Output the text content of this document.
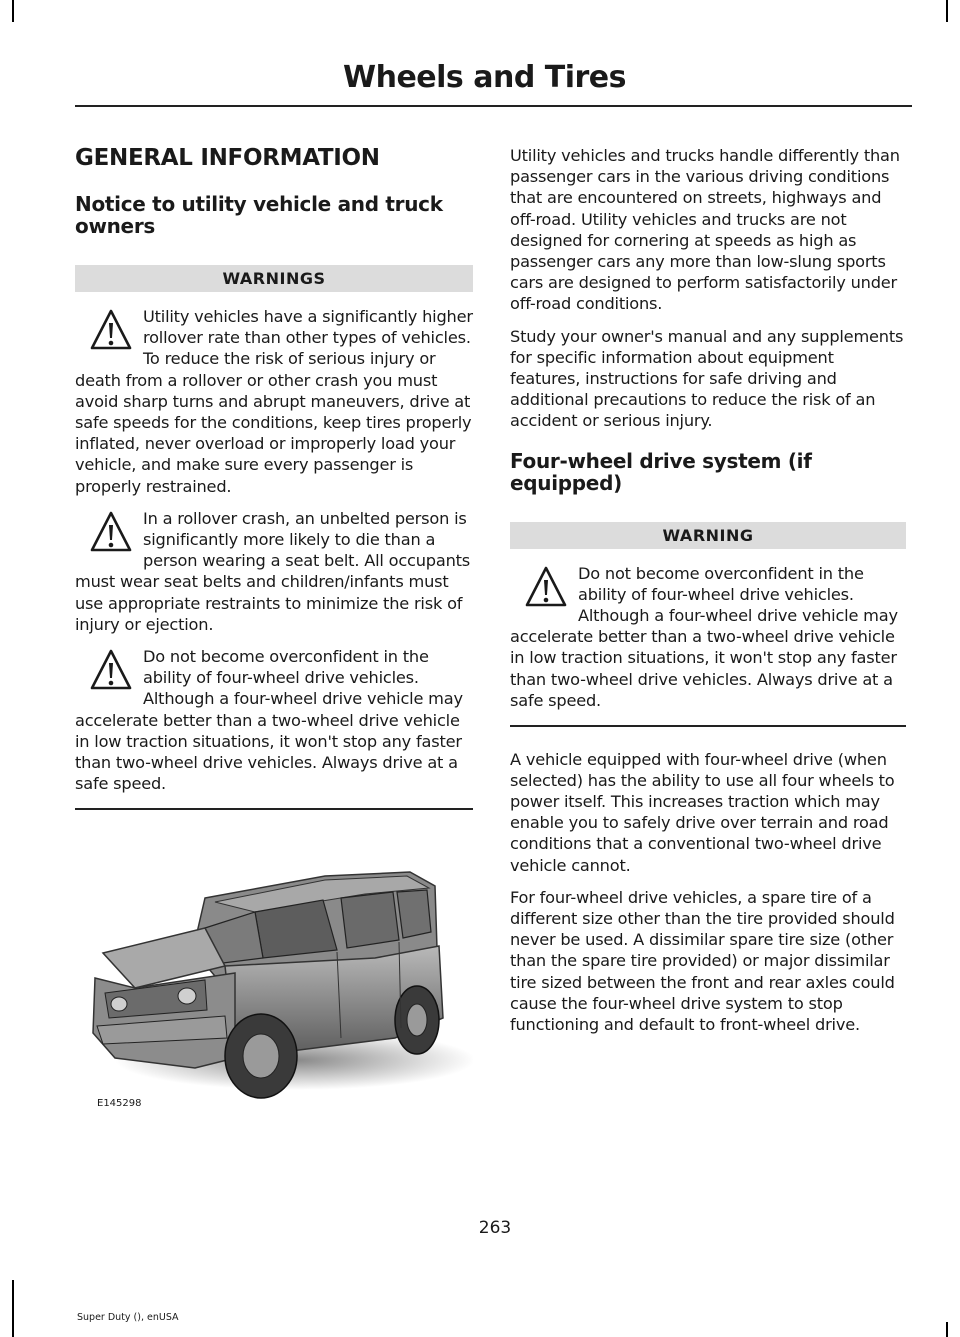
Wheels and Tires
GENERAL INFORMATION
Notice to utility vehicle and truck owners
WARNINGS

Utility vehicles have a significantly higher rollover rate than other types of vehicles. To reduce the risk of serious injury or death from a rollover or other crash you must avoid sharp turns and abrupt maneuvers, drive at safe speeds for the conditions, keep tires properly inflated, never overload or improperly load your vehicle, and make sure every passenger is properly restrained.

In a rollover crash, an unbelted person is significantly more likely to die than a person wearing a seat belt. All occupants must wear seat belts and children/infants must use appropriate restraints to minimize the risk of injury or ejection.

Do not become overconfident in the ability of four-wheel drive vehicles. Although a four-wheel drive vehicle may accelerate better than a two-wheel drive vehicle in low traction situations, it won't stop any faster than two-wheel drive vehicles. Always drive at a safe speed.

E145298

Utility vehicles and trucks handle differently than passenger cars in the various driving conditions that are encountered on streets, highways and off-road. Utility vehicles and trucks are not designed for cornering at speeds as high as passenger cars any more than low-slung sports cars are designed to perform satisfactorily under off-road conditions.

Study your owner's manual and any supplements for specific information about equipment features, instructions for safe driving and additional precautions to reduce the risk of an accident or serious injury.

Four-wheel drive system (if equipped)
WARNING

Do not become overconfident in the ability of four-wheel drive vehicles. Although a four-wheel drive vehicle may accelerate better than a two-wheel drive vehicle in low traction situations, it won't stop any faster than two-wheel drive vehicles. Always drive at a safe speed.

A vehicle equipped with four-wheel drive (when selected) has the ability to use all four wheels to power itself. This increases traction which may enable you to safely drive over terrain and road conditions that a conventional two-wheel drive vehicle cannot.

For four-wheel drive vehicles, a spare tire of a different size other than the tire provided should never be used. A dissimilar spare tire size (other than the spare tire provided) or major dissimilar tire sized between the front and rear axles could cause the four-wheel drive system to stop functioning and default to front-wheel drive.

263
Super Duty (), enUSA
